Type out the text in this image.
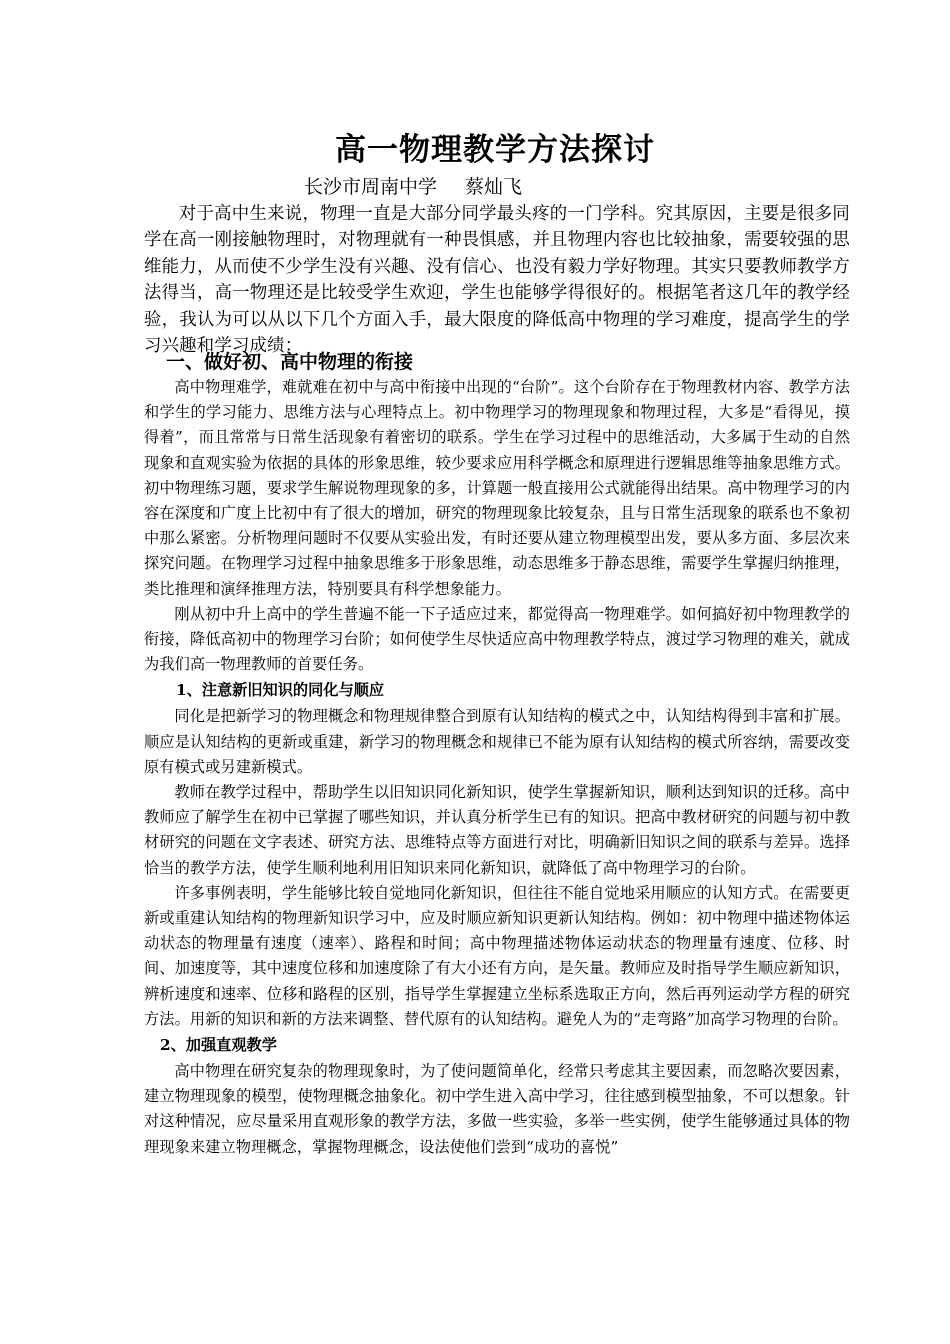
高一物理教学方法探讨
长沙市周南中学 蔡灿飞

对于高中生来说，物理一直是大部分同学最头疼的一门学科。究其原因，主要是很多同学在高一刚接触物理时，对物理就有一种畏惧感，并且物理内容也比较抽象，需要较强的思维能力，从而使不少学生没有兴趣、没有信心、也没有毅力学好物理。其实只要教师教学方法得当，高一物理还是比较受学生欢迎，学生也能够学得很好的。根据笔者这几年的教学经验，我认为可以从以下几个方面入手，最大限度的降低高中物理的学习难度，提高学生的学习兴趣和学习成绩：

一、做好初、高中物理的衔接

高中物理难学，难就难在初中与高中衔接中出现的“台阶”。这个台阶存在于物理教材内容、教学方法和学生的学习能力、思维方法与心理特点上。初中物理学习的物理现象和物理过程，大多是“看得见，摸得着”，而且常常与日常生活现象有着密切的联系。学生在学习过程中的思维活动，大多属于生动的自然现象和直观实验为依据的具体的形象思维，较少要求应用科学概念和原理进行逻辑思维等抽象思维方式。初中物理练习题，要求学生解说物理现象的多，计算题一般直接用公式就能得出结果。高中物理学习的内容在深度和广度上比初中有了很大的增加，研究的物理现象比较复杂，且与日常生活现象的联系也不象初中那么紧密。分析物理问题时不仅要从实验出发，有时还要从建立物理模型出发，要从多方面、多层次来探究问题。在物理学习过程中抽象思维多于形象思维，动态思维多于静态思维，需要学生掌握归纳推理，类比推理和演绎推理方法，特别要具有科学想象能力。

刚从初中升上高中的学生普遍不能一下子适应过来，都觉得高一物理难学。如何搞好初中物理教学的衔接，降低高初中的物理学习台阶；如何使学生尽快适应高中物理教学特点，渡过学习物理的难关，就成为我们高一物理教师的首要任务。

1、注意新旧知识的同化与顺应

同化是把新学习的物理概念和物理规律整合到原有认知结构的模式之中，认知结构得到丰富和扩展。顺应是认知结构的更新或重建，新学习的物理概念和规律已不能为原有认知结构的模式所容纳，需要改变原有模式或另建新模式。

教师在教学过程中，帮助学生以旧知识同化新知识，使学生掌握新知识，顺利达到知识的迁移。高中教师应了解学生在初中已掌握了哪些知识，并认真分析学生已有的知识。把高中教材研究的问题与初中教材研究的问题在文字表述、研究方法、思维特点等方面进行对比，明确新旧知识之间的联系与差异。选择恰当的教学方法，使学生顺利地利用旧知识来同化新知识，就降低了高中物理学习的台阶。

许多事例表明，学生能够比较自觉地同化新知识，但往往不能自觉地采用顺应的认知方式。在需要更新或重建认知结构的物理新知识学习中，应及时顺应新知识更新认知结构。例如：初中物理中描述物体运动状态的物理量有速度（速率）、路程和时间；高中物理描述物体运动状态的物理量有速度、位移、时间、加速度等，其中速度位移和加速度除了有大小还有方向，是矢量。教师应及时指导学生顺应新知识，辨析速度和速率、位移和路程的区别，指导学生掌握建立坐标系选取正方向，然后再列运动学方程的研究方法。用新的知识和新的方法来调整、替代原有的认知结构。避免人为的“走弯路”加高学习物理的台阶。

2、加强直观教学

高中物理在研究复杂的物理现象时，为了使问题简单化，经常只考虑其主要因素，而忽略次要因素，建立物理现象的模型，使物理概念抽象化。初中学生进入高中学习，往往感到模型抽象，不可以想象。针对这种情况，应尽量采用直观形象的教学方法，多做一些实验，多举一些实例，使学生能够通过具体的物理现象来建立物理概念，掌握物理概念，设法使他们尝到“成功的喜悦”
